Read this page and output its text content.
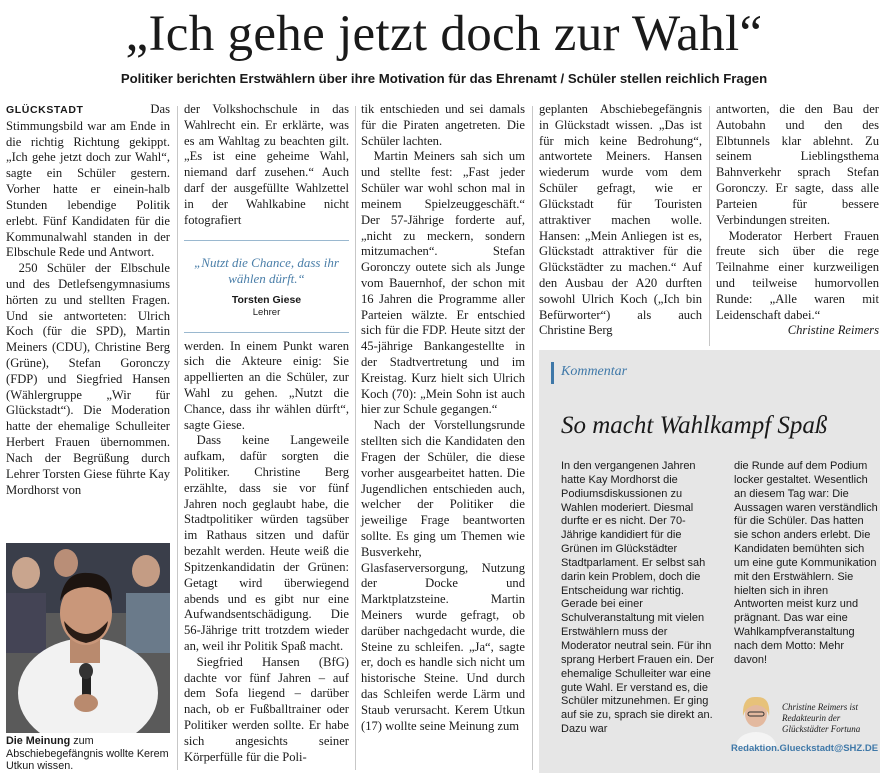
„Ich gehe jetzt doch zur Wahl“

Politiker berichten Erstwählern über ihre Motivation für das Ehrenamt / Schüler stellen reichlich Fragen

GLÜCKSTADT	Das Stimmungsbild war am Ende in die richtig Richtung gekippt. „Ich gehe jetzt doch zur Wahl“, sagte ein Schüler gestern. Vorher hatte er einein-halb Stunden lebendige Politik erlebt. Fünf Kandidaten für die Kommunalwahl standen in der Elbschule Rede und Antwort.

250 Schüler der Elbschule und des Detlefsengymnasiums hörten zu und stellten Fragen. Und sie antworteten: Ulrich Koch (für die SPD), Martin Meiners (CDU), Christine Berg (Grüne), Stefan Goronczy (FDP) und Siegfried Hansen (Wählergruppe „Wir für Glückstadt“). Die Moderation hatte der ehemalige Schulleiter Herbert Frauen übernommen. Nach der Begrüßung durch Lehrer Torsten Giese führte Kay Mordhorst von

Die Meinung zum Abschiebegefängnis wollte Kerem Utkun wissen.

der Volkshochschule in das Wahlrecht ein. Er erklärte, was es am Wahltag zu beachten gilt. „Es ist eine geheime Wahl, niemand darf zusehen.“ Auch darf der ausgefüllte Wahlzettel in der Wahlkabine nicht fotografiert

werden. In einem Punkt waren sich die Akteure einig: Sie appellierten an die Schüler, zur Wahl zu gehen. „Nutzt die Chance, dass ihr wählen dürft“, sagte Giese.

Dass keine Langeweile aufkam, dafür sorgten die Politiker. Christine Berg erzählte, dass sie vor fünf Jahren noch geglaubt habe, die Stadtpolitiker würden tagsüber im Rathaus sitzen und dafür bezahlt werden. Heute weiß die Spitzenkandidatin der Grünen: Getagt wird überwiegend abends und es gibt nur eine Aufwandsentschädigung. Die 56-Jährige tritt trotzdem wieder an, weil ihr Politik Spaß macht.

Siegfried Hansen (BfG) dachte vor fünf Jahren – auf dem Sofa liegend – darüber nach, ob er Fußballtrainer oder Politiker werden sollte. Er habe sich angesichts seiner Körperfülle für die Poli-

„Nutzt die Chance, dass ihr wählen dürft.“
Torsten Giese
Lehrer

tik entschieden und sei damals für die Piraten angetreten. Die Schüler lachten.

Martin Meiners sah sich um und stellte fest: „Fast jeder Schüler war wohl schon mal in meinem Spielzeuggeschäft.“ Der 57-Jährige forderte auf, „nicht zu meckern, sondern mitzumachen“. Stefan Goronczy outete sich als Junge vom Bauernhof, der schon mit 16 Jahren die Programme aller Parteien wälzte. Er entschied sich für die FDP. Heute sitzt der 45-jährige Bankangestellte in der Stadtvertretung und im Kreistag. Kurz hielt sich Ulrich Koch (70): „Mein Sohn ist auch hier zur Schule gegangen.“

Nach der Vorstellungsrunde stellten sich die Kandidaten den Fragen der Schüler, die diese vorher ausgearbeitet hatten. Die Jugendlichen entschieden auch, welcher der Politiker die jeweilige Frage beantworten sollte. Es ging um Themen wie Busverkehr, Glasfaserversorgung, Nutzung der Docke und Marktplatzsteine. Martin Meiners wurde gefragt, ob darüber nachgedacht wurde, die Steine zu schleifen. „Ja“, sagte er, doch es handle sich nicht um historische Steine. Und durch das Schleifen werde Lärm und Staub verursacht. Kerem Utkun (17) wollte seine Meinung zum

geplanten Abschiebegefängnis in Glückstadt wissen. „Das ist für mich keine Bedrohung“, antwortete Meiners. Hansen wiederum wurde vom dem Schüler gefragt, wie er Glückstadt für Touristen attraktiver machen wolle. Hansen: „Mein Anliegen ist es, Glückstadt attraktiver für die Glückstädter zu machen.“ Auf den Ausbau der A20 durften sowohl Ulrich Koch („Ich bin Befürworter“) als auch Christine Berg

antworten, die den Bau der Autobahn und den des Elbtunnels klar ablehnt. Zu seinem Lieblingsthema Bahnverkehr sprach Stefan Goronczy. Er sagte, dass alle Parteien für bessere Verbindungen streiten.

Moderator Herbert Frauen freute sich über die rege Teilnahme einer kurzweiligen und teilweise humorvollen Runde: „Alle waren mit Leidenschaft dabei.“

Christine Reimers

Kommentar
So macht Wahlkampf Spaß
In den vergangenen Jahren hatte Kay Mordhorst die Podiumsdiskussionen zu Wahlen moderiert. Diesmal durfte er es nicht. Der 70-Jährige kandidiert für die Grünen im Glückstädter Stadtparlament. Er selbst sah darin kein Problem, doch die Entscheidung war richtig. Gerade bei einer Schulveranstaltung mit vielen Erstwählern muss der Moderator neutral sein. Für ihn sprang Herbert Frauen ein. Der ehemalige Schulleiter war eine gute Wahl. Er verstand es, die Schüler mitzunehmen. Er ging auf sie zu, sprach sie direkt an. Dazu war
die Runde auf dem Podium locker gestaltet. Wesentlich an diesem Tag war: Die Aussagen waren verständlich für die Schüler. Das hatten sie schon anders erlebt. Die Kandidaten bemühten sich um eine gute Kommunikation mit den Erstwählern. Sie hielten sich in ihren Antworten meist kurz und prägnant. Das war eine Wahlkampfveranstaltung nach dem Motto: Mehr davon!
Christine Reimers ist
Redakteurin der
Glückstädter Fortuna
Redaktion.Glueckstadt@SHZ.DE
